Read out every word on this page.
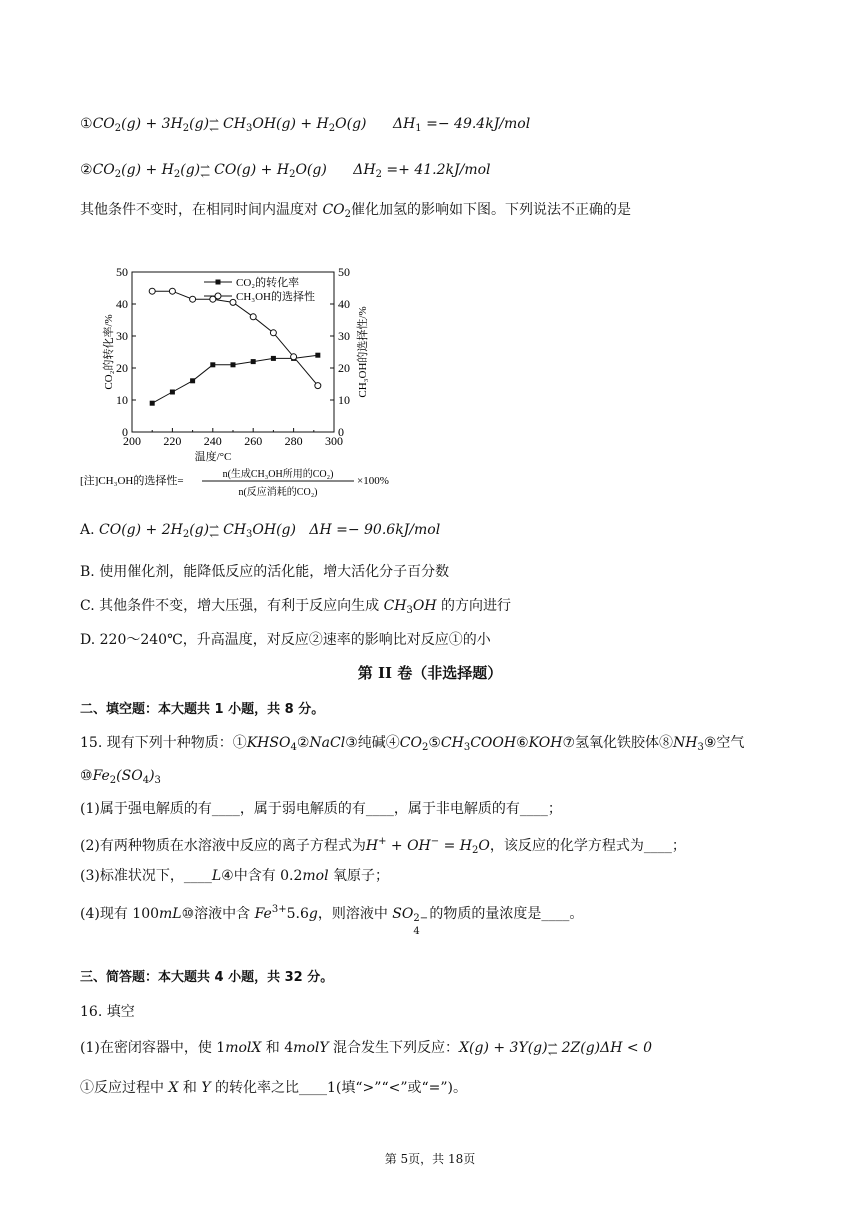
$①CO_2(g) + 3H_2(g)$ ⇀ ↽ $CH_3OH(g) + H_2O(g) \Delta H_1 =- 49.4kJ/mol$
$②CO_2(g) + H_2(g)$ ⇀ ↽ $CO(g) + H_2O(g) \Delta H_2 =+ 41.2kJ/mol$
其他条件不变时，在相同时间内温度对 $CO_2$催化加氢的影响如下图。下列说法不正确的是
200 220 240 260 280 300
0	0
10	10
20	20
30	30
40	40
50	50
温度/°C
CO₂的转化率/%	CH₃OH的选择性/%
CO₂的转化率
CH₃OH的选择性
[注]CH₃OH的选择性=
n(生成CH₃OH所用的CO₂)
n(反应消耗的CO₂)
×100%
A. $CO(g) + 2H_2(g)$ ⇀ ↽ $CH_3OH(g) \Delta H =- 90.6kJ/mol$
B. 使用催化剂，能降低反应的活化能，增大活化分子百分数
C. 其他条件不变，增大压强，有利于反应向生成 $CH_3OH$ 的方向进行
D. 220～240℃，升高温度，对反应②速率的影响比对反应①的小
第 II 卷（非选择题）
二、填空题：本大题共 1 小题，共 8 分。
15. 现有下列十种物质：$①KHSO_4②NaCl③$纯碱$④CO_2⑤CH_3COOH⑥KOH⑦$氢氧化铁胶体$⑧NH_3⑨$空气
$⑩Fe_2(SO_4)_3$
(1)属于强电解质的有____，属于弱电解质的有____，属于非电解质的有____；
(2)有两种物质在水溶液中反应的离子方程式为$H^+ + OH^- = H_2O$，该反应的化学方程式为____；
(3)标准状况下，____L④中含有 0.2mol 氧原子；
(4)现有 100mL⑩溶液中含 $Fe^{3+}5.6g$，则溶液中 SO 2−
4
的物质的量浓度是____。
三、简答题：本大题共 4 小题，共 32 分。
16. 填空
(1)在密闭容器中，使 1molX 和 4molY 混合发生下列反应：X(g) + 3Y(g) ⇀ ↽ 2Z(g)ΔH < 0
①反应过程中 X 和 Y 的转化率之比____1(填“>”“<”或“=”)。
第 5页，共 18页
